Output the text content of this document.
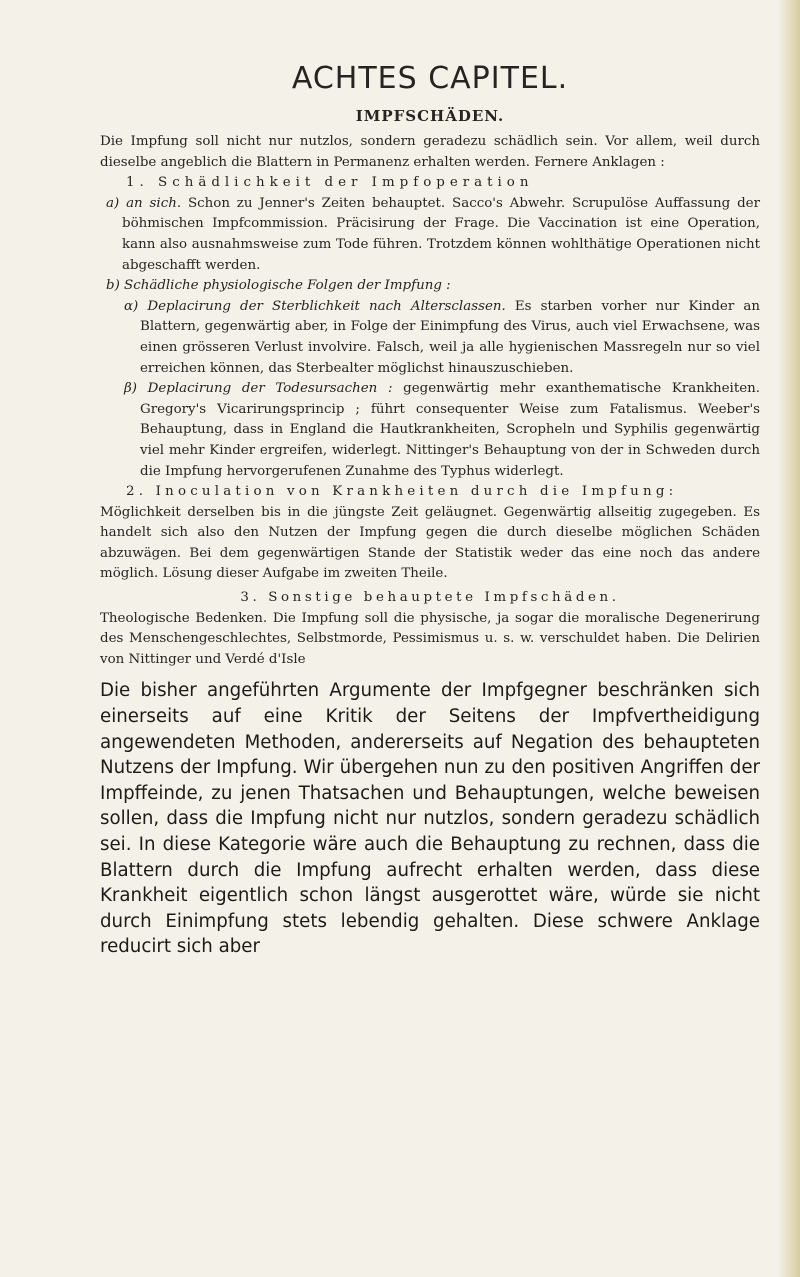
ACHTES CAPITEL.
IMPFSCHÄDEN.

Die Impfung soll nicht nur nutzlos, sondern geradezu schädlich sein. Vor allem, weil durch dieselbe angeblich die Blattern in Permanenz erhalten werden. Fernere Anklagen :

1. Schädlichkeit der Impfoperation

a) an sich. Schon zu Jenner's Zeiten behauptet. Sacco's Abwehr. Scrupulöse Auffassung der böhmischen Impfcommission. Präcisirung der Frage. Die Vaccination ist eine Operation, kann also ausnahmsweise zum Tode führen. Trotzdem können wohlthätige Operationen nicht abgeschafft werden.

b) Schädliche physiologische Folgen der Impfung :

α) Deplacirung der Sterblichkeit nach Altersclassen. Es starben vorher nur Kinder an Blattern, gegenwärtig aber, in Folge der Einimpfung des Virus, auch viel Erwachsene, was einen grösseren Verlust involvire. Falsch, weil ja alle hygienischen Massregeln nur so viel erreichen können, das Sterbealter möglichst hinauszuschieben.

β) Deplacirung der Todesursachen : gegenwärtig mehr exanthematische Krankheiten. Gregory's Vicarirungsprincip ; führt consequenter Weise zum Fatalismus. Weeber's Behauptung, dass in England die Hautkrankheiten, Scropheln und Syphilis gegenwärtig viel mehr Kinder ergreifen, widerlegt. Nittinger's Behauptung von der in Schweden durch die Impfung hervorgerufenen Zunahme des Typhus widerlegt.

2. Inoculation von Krankheiten durch die Impfung:

Möglichkeit derselben bis in die jüngste Zeit geläugnet. Gegenwärtig allseitig zugegeben. Es handelt sich also den Nutzen der Impfung gegen die durch dieselbe möglichen Schäden abzuwägen. Bei dem gegenwärtigen Stande der Statistik weder das eine noch das andere möglich. Lösung dieser Aufgabe im zweiten Theile.

3. Sonstige behauptete Impfschäden.

Theologische Bedenken. Die Impfung soll die physische, ja sogar die moralische Degenerirung des Menschengeschlechtes, Selbstmorde, Pessimismus u. s. w. verschuldet haben. Die Delirien von Nittinger und Verdé d'Isle

Die bisher angeführten Argumente der Impfgegner beschränken sich einerseits auf eine Kritik der Seitens der Impfvertheidigung angewendeten Methoden, andererseits auf Negation des behaupteten Nutzens der Impfung. Wir übergehen nun zu den positiven Angriffen der Impffeinde, zu jenen Thatsachen und Behauptungen, welche beweisen sollen, dass die Impfung nicht nur nutzlos, sondern geradezu schädlich sei. In diese Kategorie wäre auch die Behauptung zu rechnen, dass die Blattern durch die Impfung aufrecht erhalten werden, dass diese Krankheit eigentlich schon längst ausgerottet wäre, würde sie nicht durch Einimpfung stets lebendig gehalten. Diese schwere Anklage reducirt sich aber
